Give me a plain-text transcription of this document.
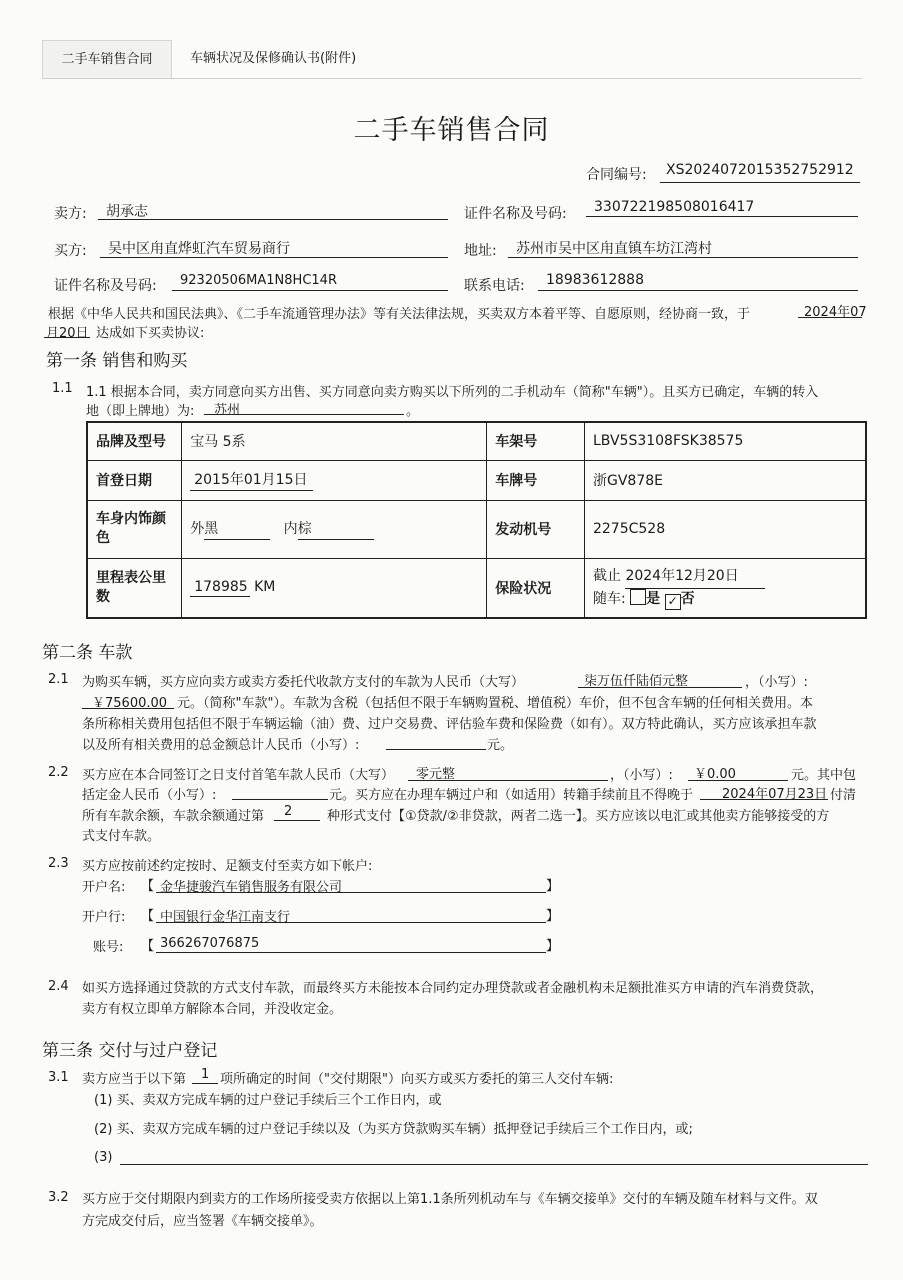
二手车销售合同	车辆状况及保修确认书(附件)
二手车销售合同
合同编号: XS2024072015352752912
卖方: 胡承志	证件名称及号码: 330722198508016417
买方: 吴中区甪直烨虹汽车贸易商行	地址: 苏州市吴中区甪直镇车坊江湾村
证件名称及号码: 92320506MA1N8HC14R	联系电话: 18983612888
根据《中华人民共和国民法典》、《二手车流通管理办法》等有关法律法规，买卖双方本着平等、自愿原则，经协商一致，于	2024年07
月20日 达成如下买卖协议:
第一条 销售和购买
1.1 1.1 根据本合同，卖方同意向买方出售、买方同意向卖方购买以下所列的二手机动车（简称"车辆"）。且买方已确定，车辆的转入
地（即上牌地）为: 苏州	。
品牌及型号	宝马 5系	车架号	LBV5S3108FSK38575
首登日期	2015年01月15日	车牌号	浙GV878E
车身内饰颜色	外黑 内棕	发动机号	2275C528
里程表公里数	178985 KM	保险状况	截止 2024年12月20日
随车: 是 ✓ 否
第二条 车款
2.1 为购买车辆，买方应向卖方或卖方委托代收款方支付的车款为人民币（大写）	柒万伍仟陆佰元整	，（小写）:
￥75600.00 元。（简称"车款"）。车款为含税（包括但不限于车辆购置税、增值税）车价，但不包含车辆的任何相关费用。本
条所称相关费用包括但不限于车辆运输（油）费、过户交易费、评估验车费和保险费（如有）。双方特此确认，买方应该承担车款
以及所有相关费用的总金额总计人民币（小写）:	元。
2.2 买方应在本合同签订之日支付首笔车款人民币（大写） 零元整	，（小写）: ￥0.00	元。其中包
括定金人民币（小写）:	元。买方应在办理车辆过户和（如适用）转籍手续前且不得晚于 2024年07月23日 付清
所有车款余额，车款余额通过第 2	种形式支付【①贷款/②非贷款，两者二选一】。买方应该以电汇或其他卖方能够接受的方
式支付车款。
2.3 买方应按前述约定按时、足额支付至卖方如下帐户:
开户名: 【 金华捷骏汽车销售服务有限公司	】
开户行: 【 中国银行金华江南支行	】
账号: 【 366267076875	】
2.4 如买方选择通过贷款的方式支付车款，而最终买方未能按本合同约定办理贷款或者金融机构未足额批准买方申请的汽车消费贷款，
卖方有权立即单方解除本合同，并没收定金。
第三条 交付与过户登记
3.1 卖方应当于以下第 1 项所确定的时间（"交付期限"）向买方或买方委托的第三人交付车辆:
(1) 买、卖双方完成车辆的过户登记手续后三个工作日内，或
(2) 买、卖双方完成车辆的过户登记手续以及（为买方贷款购买车辆）抵押登记手续后三个工作日内，或;
(3)
3.2 买方应于交付期限内到卖方的工作场所接受卖方依据以上第1.1条所列机动车与《车辆交接单》交付的车辆及随车材料与文件。双
方完成交付后，应当签署《车辆交接单》。
